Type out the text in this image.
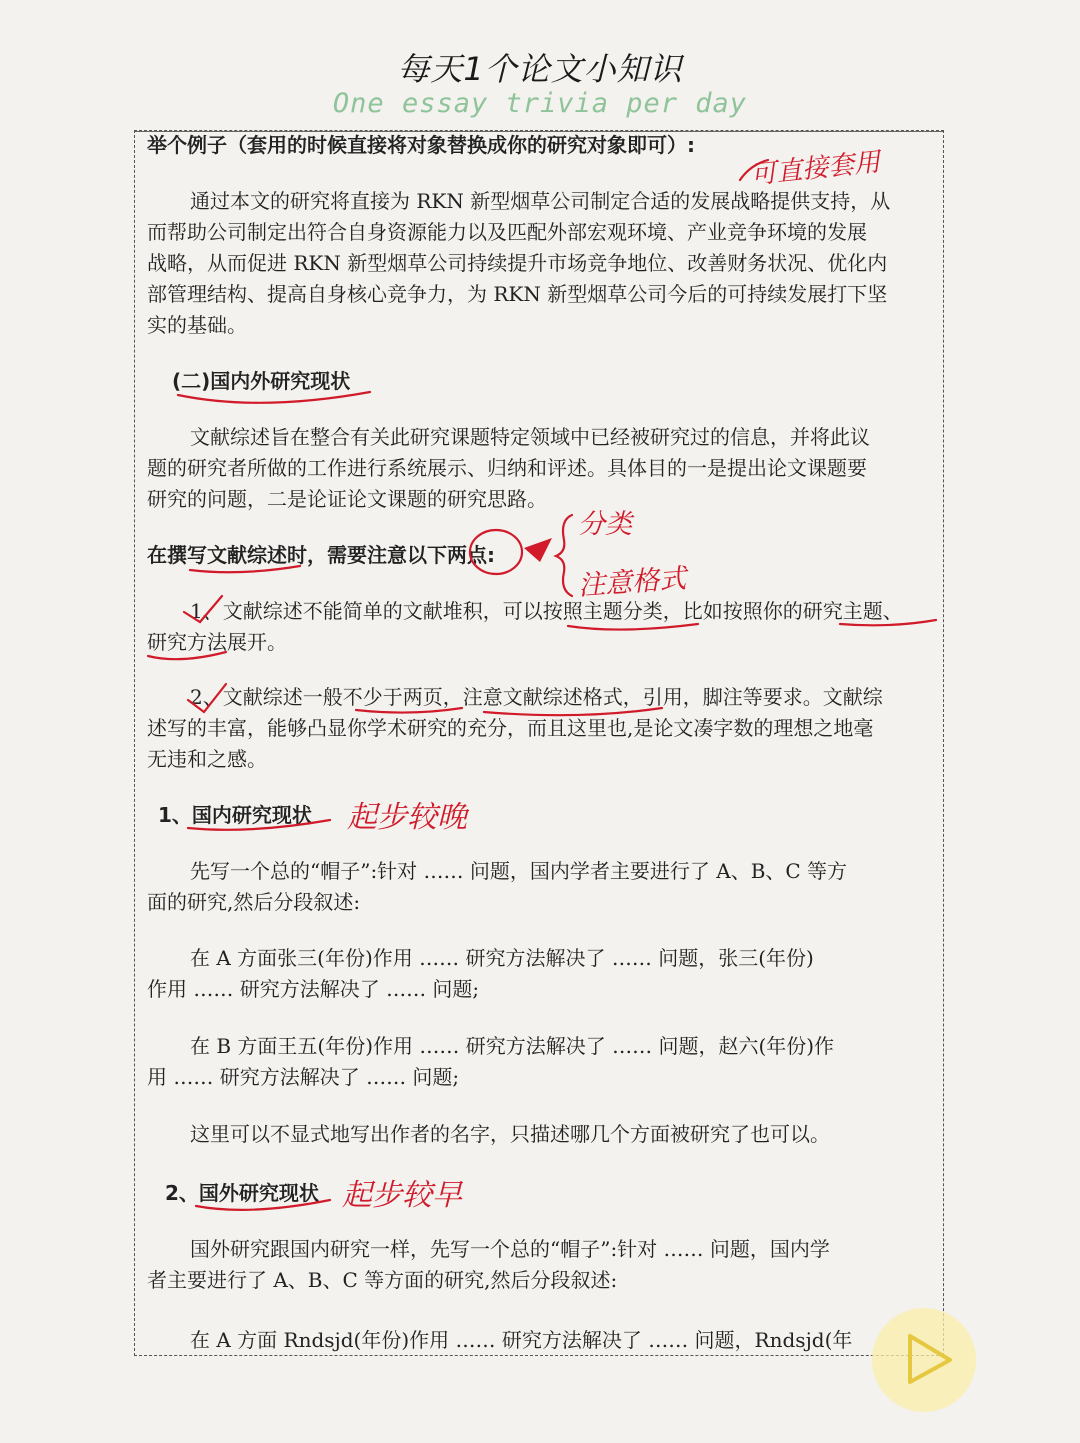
每天1个论文小知识
One essay trivia per day
举个例子（套用的时候直接将对象替换成你的研究对象即可）:
通过本文的研究将直接为 RKN 新型烟草公司制定合适的发展战略提供支持，从
而帮助公司制定出符合自身资源能力以及匹配外部宏观环境、产业竞争环境的发展
战略，从而促进 RKN 新型烟草公司持续提升市场竞争地位、改善财务状况、优化内
部管理结构、提高自身核心竞争力，为 RKN 新型烟草公司今后的可持续发展打下坚
实的基础。
(二)国内外研究现状
文献综述旨在整合有关此研究课题特定领域中已经被研究过的信息，并将此议
题的研究者所做的工作进行系统展示、归纳和评述。具体目的一是提出论文课题要
研究的问题，二是论证论文课题的研究思路。
在撰写文献综述时，需要注意以下两点:
1、文献综述不能简单的文献堆积，可以按照主题分类，比如按照你的研究主题、
研究方法展开。
2、文献综述一般不少于两页，注意文献综述格式，引用，脚注等要求。文献综
述写的丰富，能够凸显你学术研究的充分，而且这里也,是论文凑字数的理想之地毫
无违和之感。
1、国内研究现状
先写一个总的“帽子”:针对 …… 问题，国内学者主要进行了 A、B、C 等方
面的研究,然后分段叙述:
在 A 方面张三(年份)作用 …… 研究方法解决了 …… 问题，张三(年份)
作用 …… 研究方法解决了 …… 问题;
在 B 方面王五(年份)作用 …… 研究方法解决了 …… 问题，赵六(年份)作
用 …… 研究方法解决了 …… 问题;
这里可以不显式地写出作者的名字，只描述哪几个方面被研究了也可以。
2、国外研究现状
国外研究跟国内研究一样，先写一个总的“帽子”:针对 …… 问题，国内学
者主要进行了 A、B、C 等方面的研究,然后分段叙述:
在 A 方面 Rndsjd(年份)作用 …… 研究方法解决了 …… 问题，Rndsjd(年
可直接套用
分类
注意格式
起步较晚
起步较早
